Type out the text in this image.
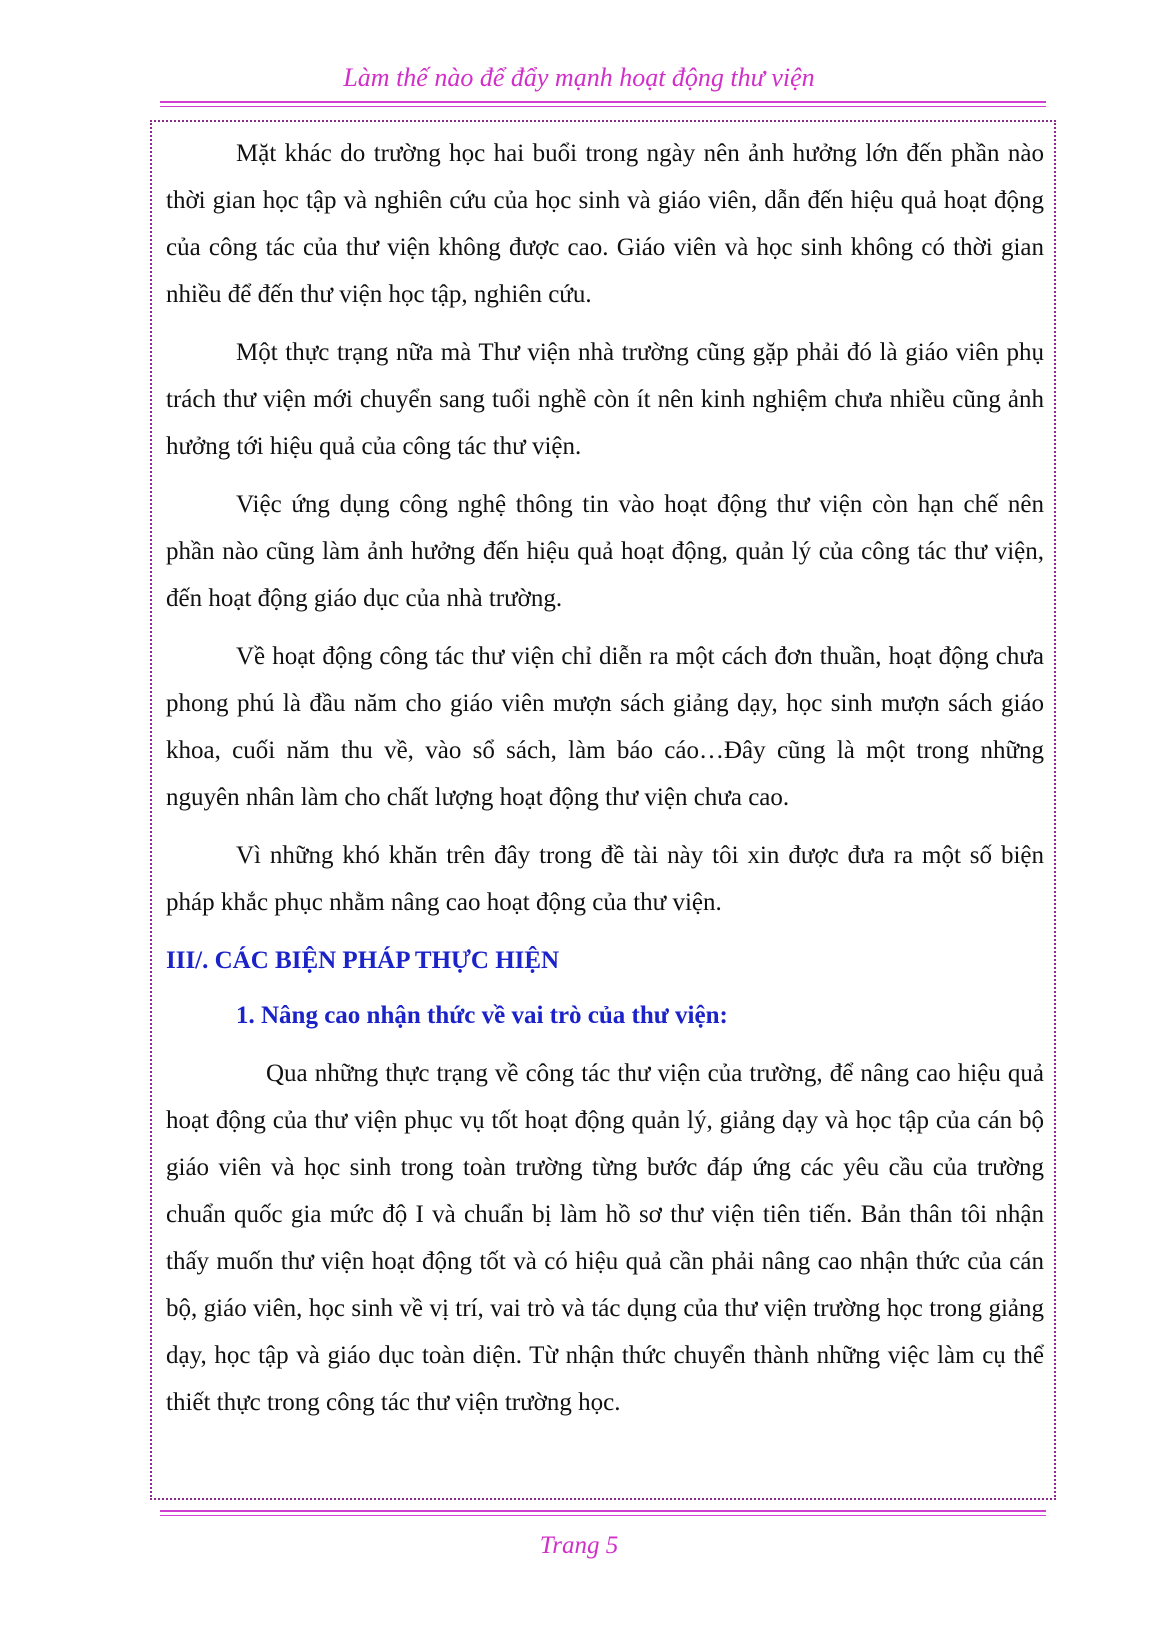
Làm thế nào để đẩy mạnh hoạt động thư viện

Mặt khác do trường học hai buổi trong ngày nên ảnh hưởng lớn đến phần nào thời gian học tập và nghiên cứu của học sinh và giáo viên, dẫn đến hiệu quả hoạt động của công tác của thư viện không được cao. Giáo viên và học sinh không có thời gian nhiều để đến thư viện học tập, nghiên cứu.

Một thực trạng nữa mà Thư viện nhà trường cũng gặp phải đó là giáo viên phụ trách thư viện mới chuyển sang tuổi nghề còn ít nên kinh nghiệm chưa nhiều cũng ảnh hưởng tới hiệu quả của công tác thư viện.

Việc ứng dụng công nghệ thông tin vào hoạt động thư viện còn hạn chế nên phần nào cũng làm ảnh hưởng đến hiệu quả hoạt động, quản lý của công tác thư viện, đến hoạt động giáo dục của nhà trường.

Về hoạt động công tác thư viện chỉ diễn ra một cách đơn thuần, hoạt động chưa phong phú là đầu năm cho giáo viên mượn sách giảng dạy, học sinh mượn sách giáo khoa, cuối năm thu về, vào sổ sách, làm báo cáo…Đây cũng là một trong những nguyên nhân làm cho chất lượng hoạt động thư viện chưa cao.

Vì những khó khăn trên đây trong đề tài này tôi xin được đưa ra một số biện pháp khắc phục nhằm nâng cao hoạt động của thư viện.

III/. CÁC BIỆN PHÁP THỰC HIỆN
1. Nâng cao nhận thức về vai trò của thư viện:

Qua những thực trạng về công tác thư viện của trường, để nâng cao hiệu quả hoạt động của thư viện phục vụ tốt hoạt động quản lý, giảng dạy và học tập của cán bộ giáo viên và học sinh trong toàn trường từng bước đáp ứng các yêu cầu của trường chuẩn quốc gia mức độ I và chuẩn bị làm hồ sơ thư viện tiên tiến. Bản thân tôi nhận thấy muốn thư viện hoạt động tốt và có hiệu quả cần phải nâng cao nhận thức của cán bộ, giáo viên, học sinh về vị trí, vai trò và tác dụng của thư viện trường học trong giảng dạy, học tập và giáo dục toàn diện. Từ nhận thức chuyển thành những việc làm cụ thể thiết thực trong công tác thư viện trường học.

Trang 5
